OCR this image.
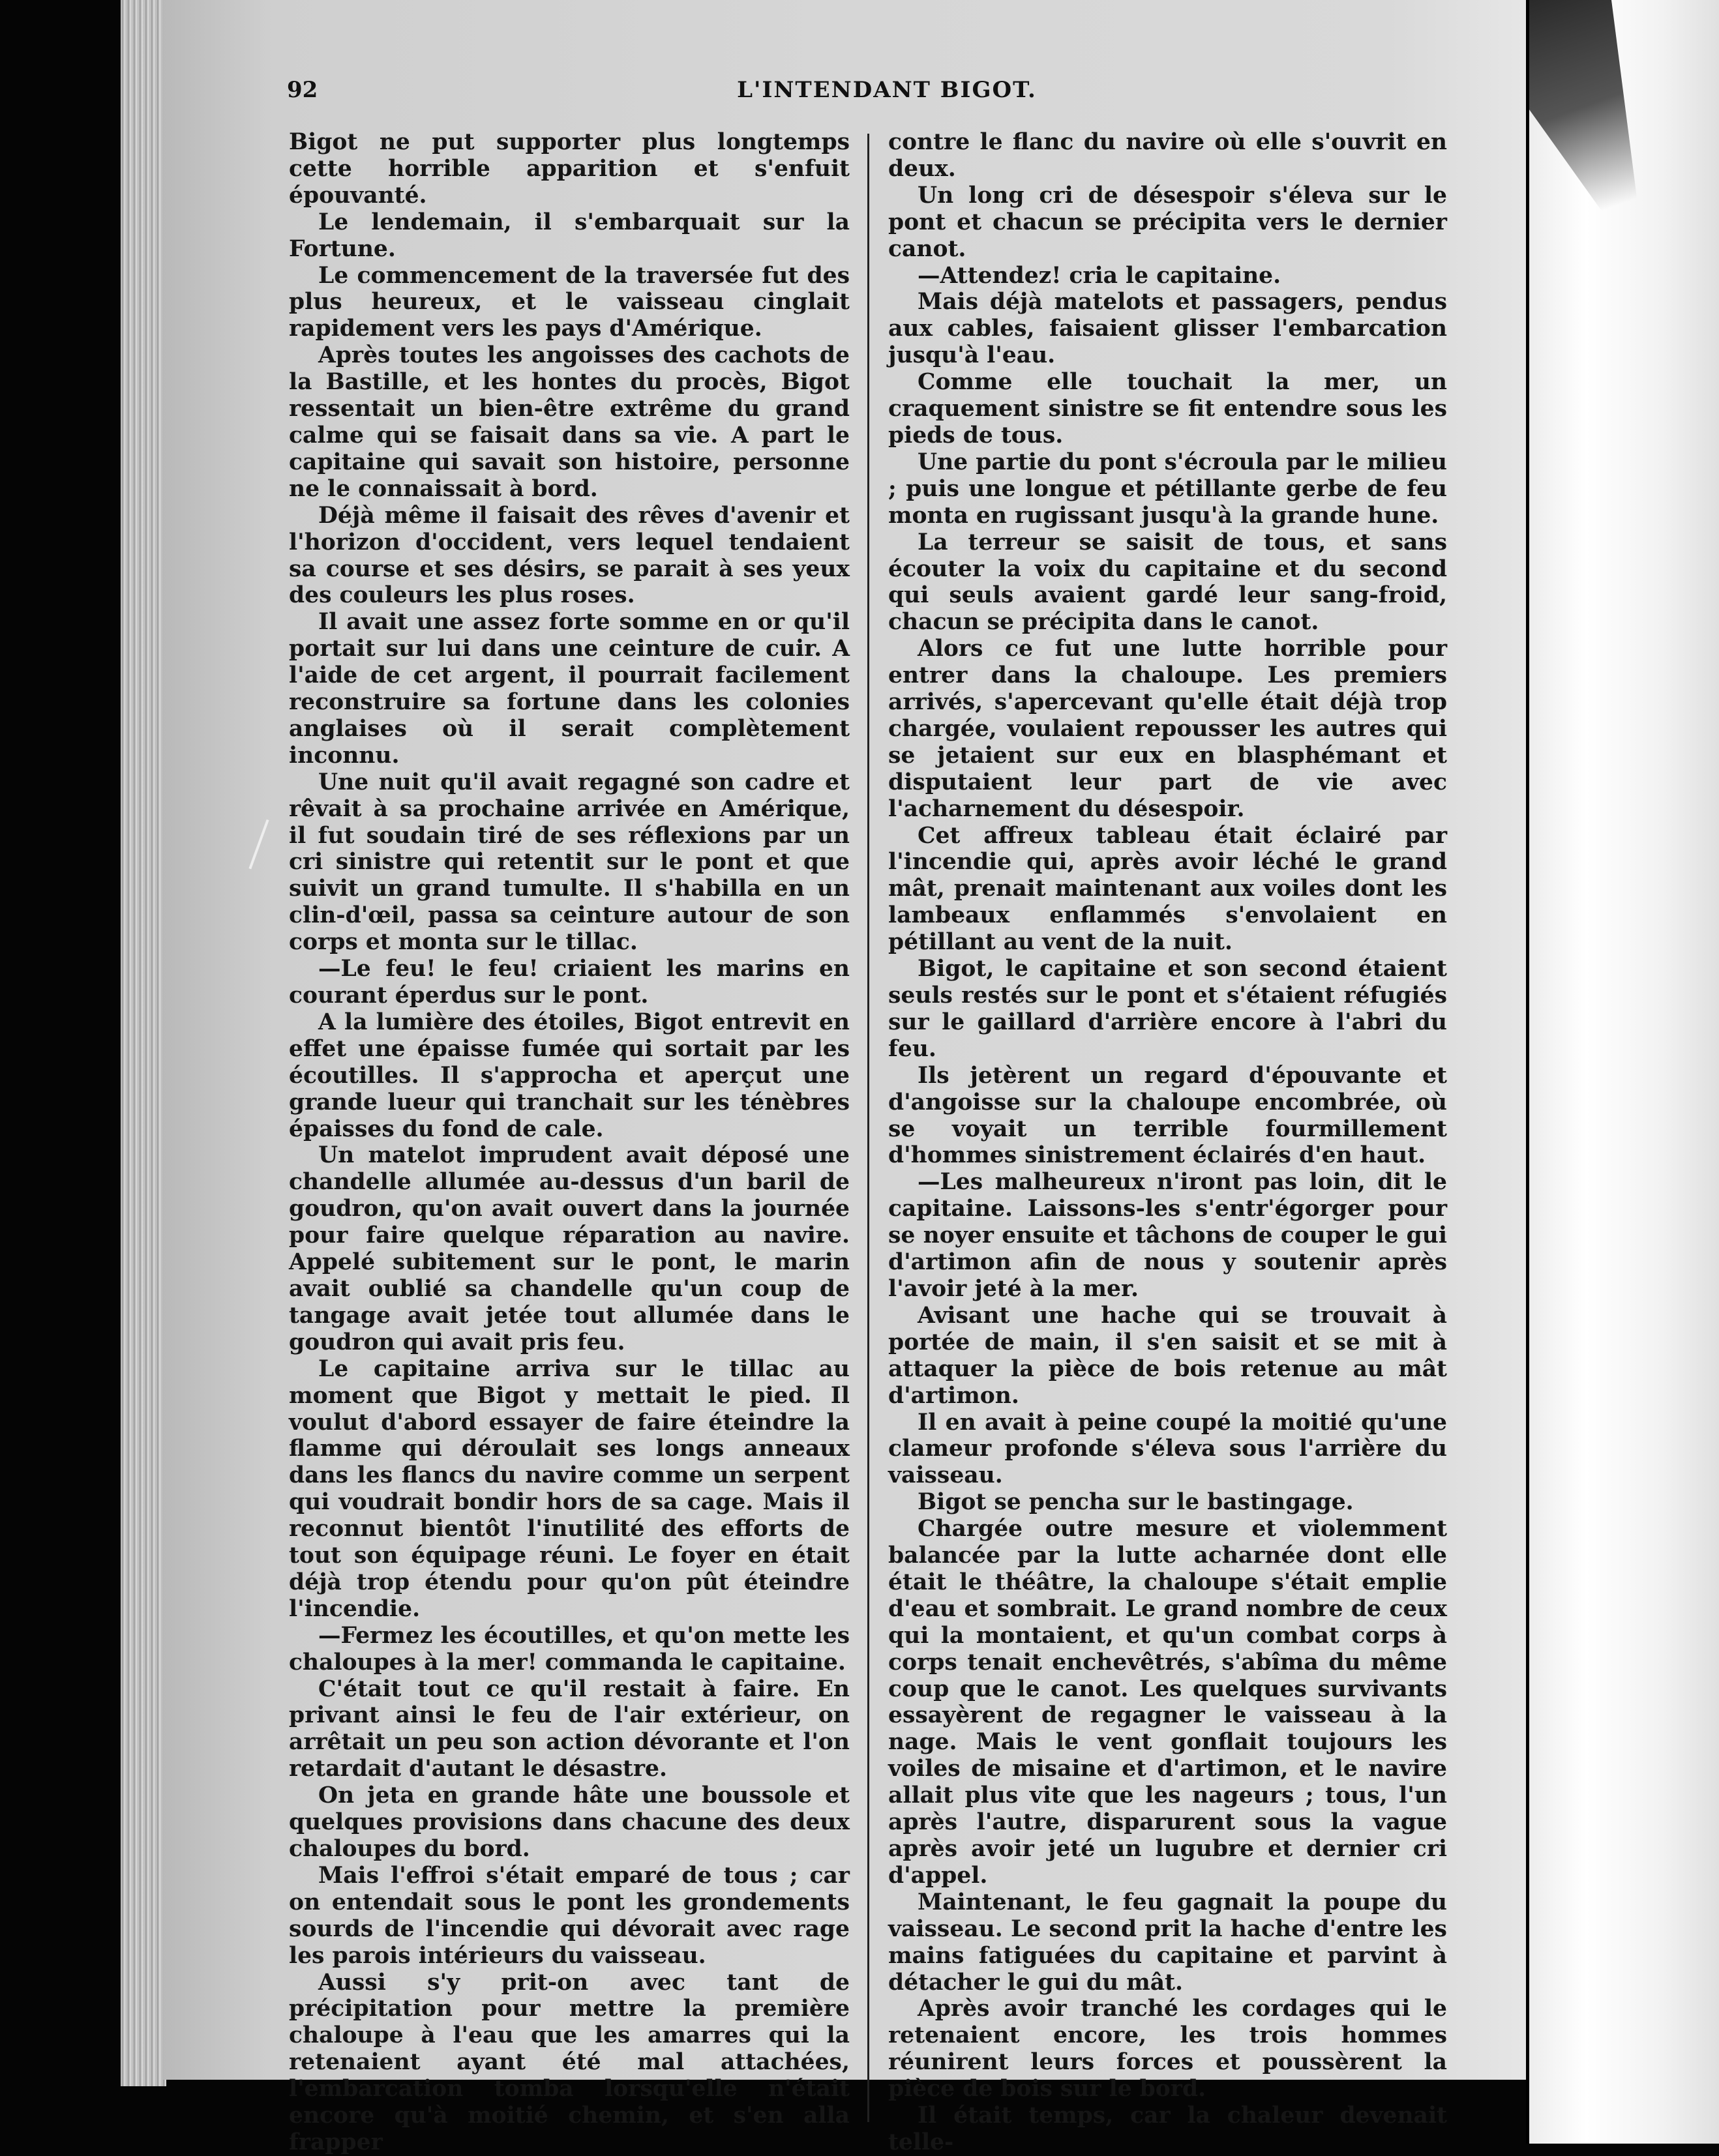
92	L'INTENDANT BIGOT.

Bigot ne put supporter plus longtemps cette horrible apparition et s'enfuit épouvanté.

Le lendemain, il s'embarquait sur la Fortune.

Le commencement de la traversée fut des plus heureux, et le vaisseau cinglait rapidement vers les pays d'Amérique.

Après toutes les angoisses des cachots de la Bastille, et les hontes du procès, Bigot ressentait un bien-être extrême du grand calme qui se faisait dans sa vie. A part le capitaine qui savait son histoire, personne ne le connaissait à bord.

Déjà même il faisait des rêves d'avenir et l'horizon d'occident, vers lequel tendaient sa course et ses désirs, se parait à ses yeux des couleurs les plus roses.

Il avait une assez forte somme en or qu'il portait sur lui dans une ceinture de cuir. A l'aide de cet argent, il pourrait facilement reconstruire sa fortune dans les colonies anglaises où il serait complètement inconnu.

Une nuit qu'il avait regagné son cadre et rêvait à sa prochaine arrivée en Amérique, il fut soudain tiré de ses réflexions par un cri sinistre qui retentit sur le pont et que suivit un grand tumulte. Il s'habilla en un clin-d'œil, passa sa ceinture autour de son corps et monta sur le tillac.

—Le feu! le feu! criaient les marins en courant éperdus sur le pont.

A la lumière des étoiles, Bigot entrevit en effet une épaisse fumée qui sortait par les écoutilles. Il s'approcha et aperçut une grande lueur qui tranchait sur les ténèbres épaisses du fond de cale.

Un matelot imprudent avait déposé une chandelle allumée au-dessus d'un baril de goudron, qu'on avait ouvert dans la journée pour faire quelque réparation au navire. Appelé subitement sur le pont, le marin avait oublié sa chandelle qu'un coup de tangage avait jetée tout allumée dans le goudron qui avait pris feu.

Le capitaine arriva sur le tillac au moment que Bigot y mettait le pied. Il voulut d'abord essayer de faire éteindre la flamme qui déroulait ses longs anneaux dans les flancs du navire comme un serpent qui voudrait bondir hors de sa cage. Mais il reconnut bientôt l'inutilité des efforts de tout son équipage réuni. Le foyer en était déjà trop étendu pour qu'on pût éteindre l'incendie.

—Fermez les écoutilles, et qu'on mette les chaloupes à la mer! commanda le capitaine.

C'était tout ce qu'il restait à faire. En privant ainsi le feu de l'air extérieur, on arrêtait un peu son action dévorante et l'on retardait d'autant le désastre.

On jeta en grande hâte une boussole et quelques provisions dans chacune des deux chaloupes du bord.

Mais l'effroi s'était emparé de tous ; car on entendait sous le pont les grondements sourds de l'incendie qui dévorait avec rage les parois intérieurs du vaisseau.

Aussi s'y prit-on avec tant de précipitation pour mettre la première chaloupe à l'eau que les amarres qui la retenaient ayant été mal attachées, l'embarcation tomba lorsqu'elle n'était encore qu'à moitié chemin, et s'en alla frapper

contre le flanc du navire où elle s'ouvrit en deux.

Un long cri de désespoir s'éleva sur le pont et chacun se précipita vers le dernier canot.

—Attendez! cria le capitaine.

Mais déjà matelots et passagers, pendus aux cables, faisaient glisser l'embarcation jusqu'à l'eau.

Comme elle touchait la mer, un craquement sinistre se fit entendre sous les pieds de tous.

Une partie du pont s'écroula par le milieu ; puis une longue et pétillante gerbe de feu monta en rugissant jusqu'à la grande hune.

La terreur se saisit de tous, et sans écouter la voix du capitaine et du second qui seuls avaient gardé leur sang-froid, chacun se précipita dans le canot.

Alors ce fut une lutte horrible pour entrer dans la chaloupe. Les premiers arrivés, s'apercevant qu'elle était déjà trop chargée, voulaient repousser les autres qui se jetaient sur eux en blasphémant et disputaient leur part de vie avec l'acharnement du désespoir.

Cet affreux tableau était éclairé par l'incendie qui, après avoir léché le grand mât, prenait maintenant aux voiles dont les lambeaux enflammés s'envolaient en pétillant au vent de la nuit.

Bigot, le capitaine et son second étaient seuls restés sur le pont et s'étaient réfugiés sur le gaillard d'arrière encore à l'abri du feu.

Ils jetèrent un regard d'épouvante et d'angoisse sur la chaloupe encombrée, où se voyait un terrible fourmillement d'hommes sinistrement éclairés d'en haut.

—Les malheureux n'iront pas loin, dit le capitaine. Laissons-les s'entr'égorger pour se noyer ensuite et tâchons de couper le gui d'artimon afin de nous y soutenir après l'avoir jeté à la mer.

Avisant une hache qui se trouvait à portée de main, il s'en saisit et se mit à attaquer la pièce de bois retenue au mât d'artimon.

Il en avait à peine coupé la moitié qu'une clameur profonde s'éleva sous l'arrière du vaisseau.

Bigot se pencha sur le bastingage.

Chargée outre mesure et violemment balancée par la lutte acharnée dont elle était le théâtre, la chaloupe s'était emplie d'eau et sombrait. Le grand nombre de ceux qui la montaient, et qu'un combat corps à corps tenait enchevêtrés, s'abîma du même coup que le canot. Les quelques survivants essayèrent de regagner le vaisseau à la nage. Mais le vent gonflait toujours les voiles de misaine et d'artimon, et le navire allait plus vite que les nageurs ; tous, l'un après l'autre, disparurent sous la vague après avoir jeté un lugubre et dernier cri d'appel.

Maintenant, le feu gagnait la poupe du vaisseau. Le second prit la hache d'entre les mains fatiguées du capitaine et parvint à détacher le gui du mât.

Après avoir tranché les cordages qui le retenaient encore, les trois hommes réunirent leurs forces et poussèrent la pièce de bois sur le bord.

Il était temps, car la chaleur devenait telle-
